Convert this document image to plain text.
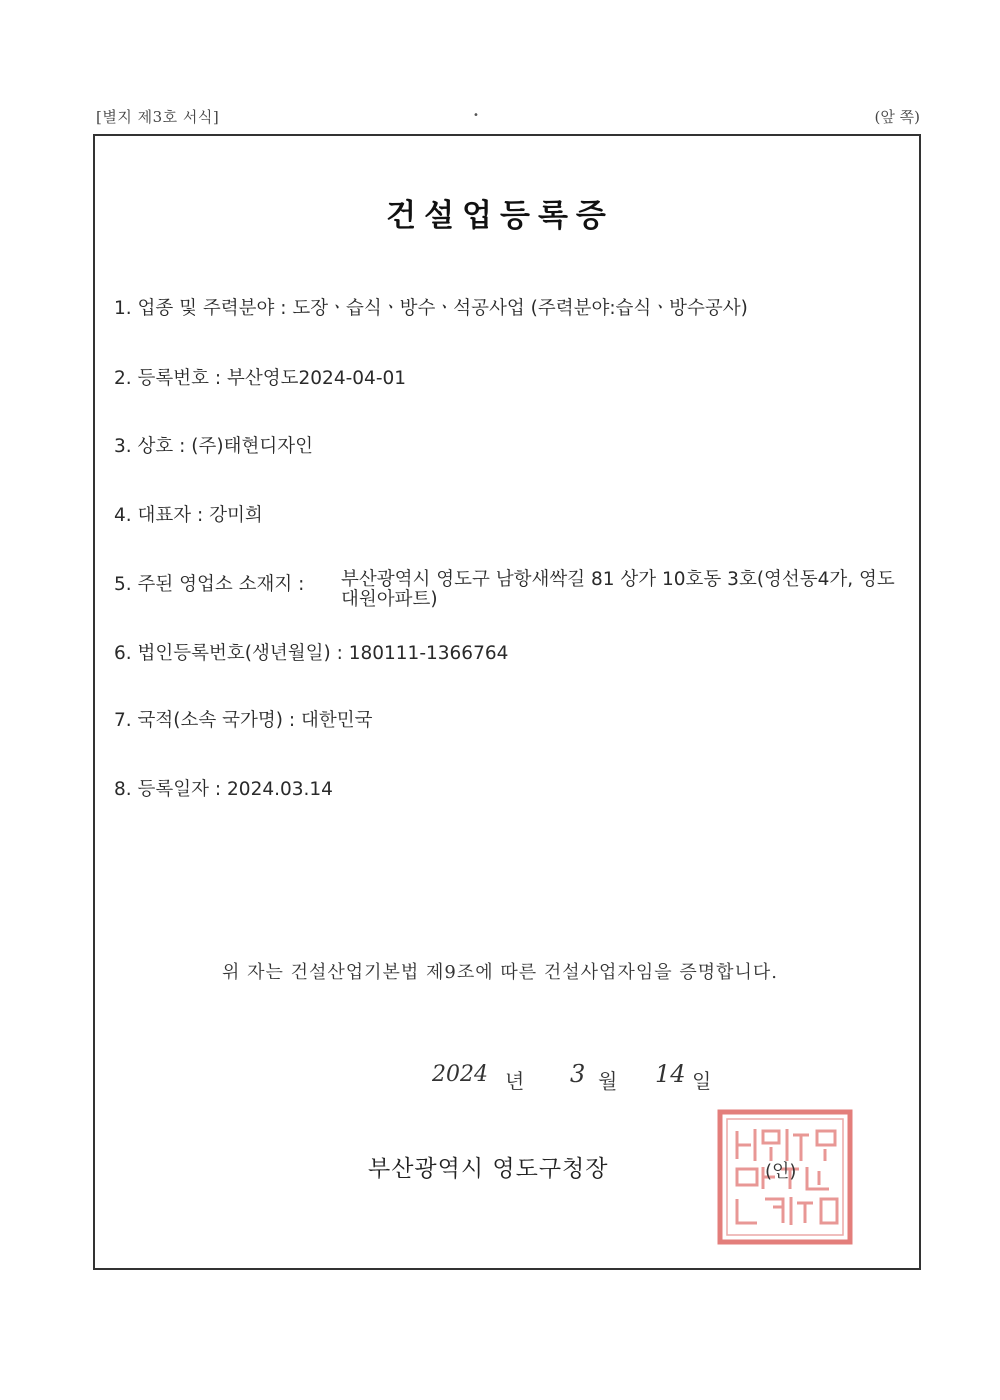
[별지 제3호 서식]	(앞 쪽)
•
건설업등록증
1. 업종 및 주력분야 : 도장ㆍ습식ㆍ방수ㆍ석공사업 (주력분야:습식ㆍ방수공사)
2. 등록번호 : 부산영도2024-04-01
3. 상호 : (주)태현디자인
4. 대표자 : 강미희
5. 주된 영업소 소재지 : 부산광역시 영도구 남항새싹길 81 상가 10호동 3호(영선동4가, 영도대원아파트)
6. 법인등록번호(생년월일) : 180111-1366764
7. 국적(소속 국가명) : 대한민국
8. 등록일자 : 2024.03.14
위 자는 건설산업기본법 제9조에 따른 건설사업자임을 증명합니다.
2024 년 3 월 14 일
부산광역시 영도구청장	(인)
